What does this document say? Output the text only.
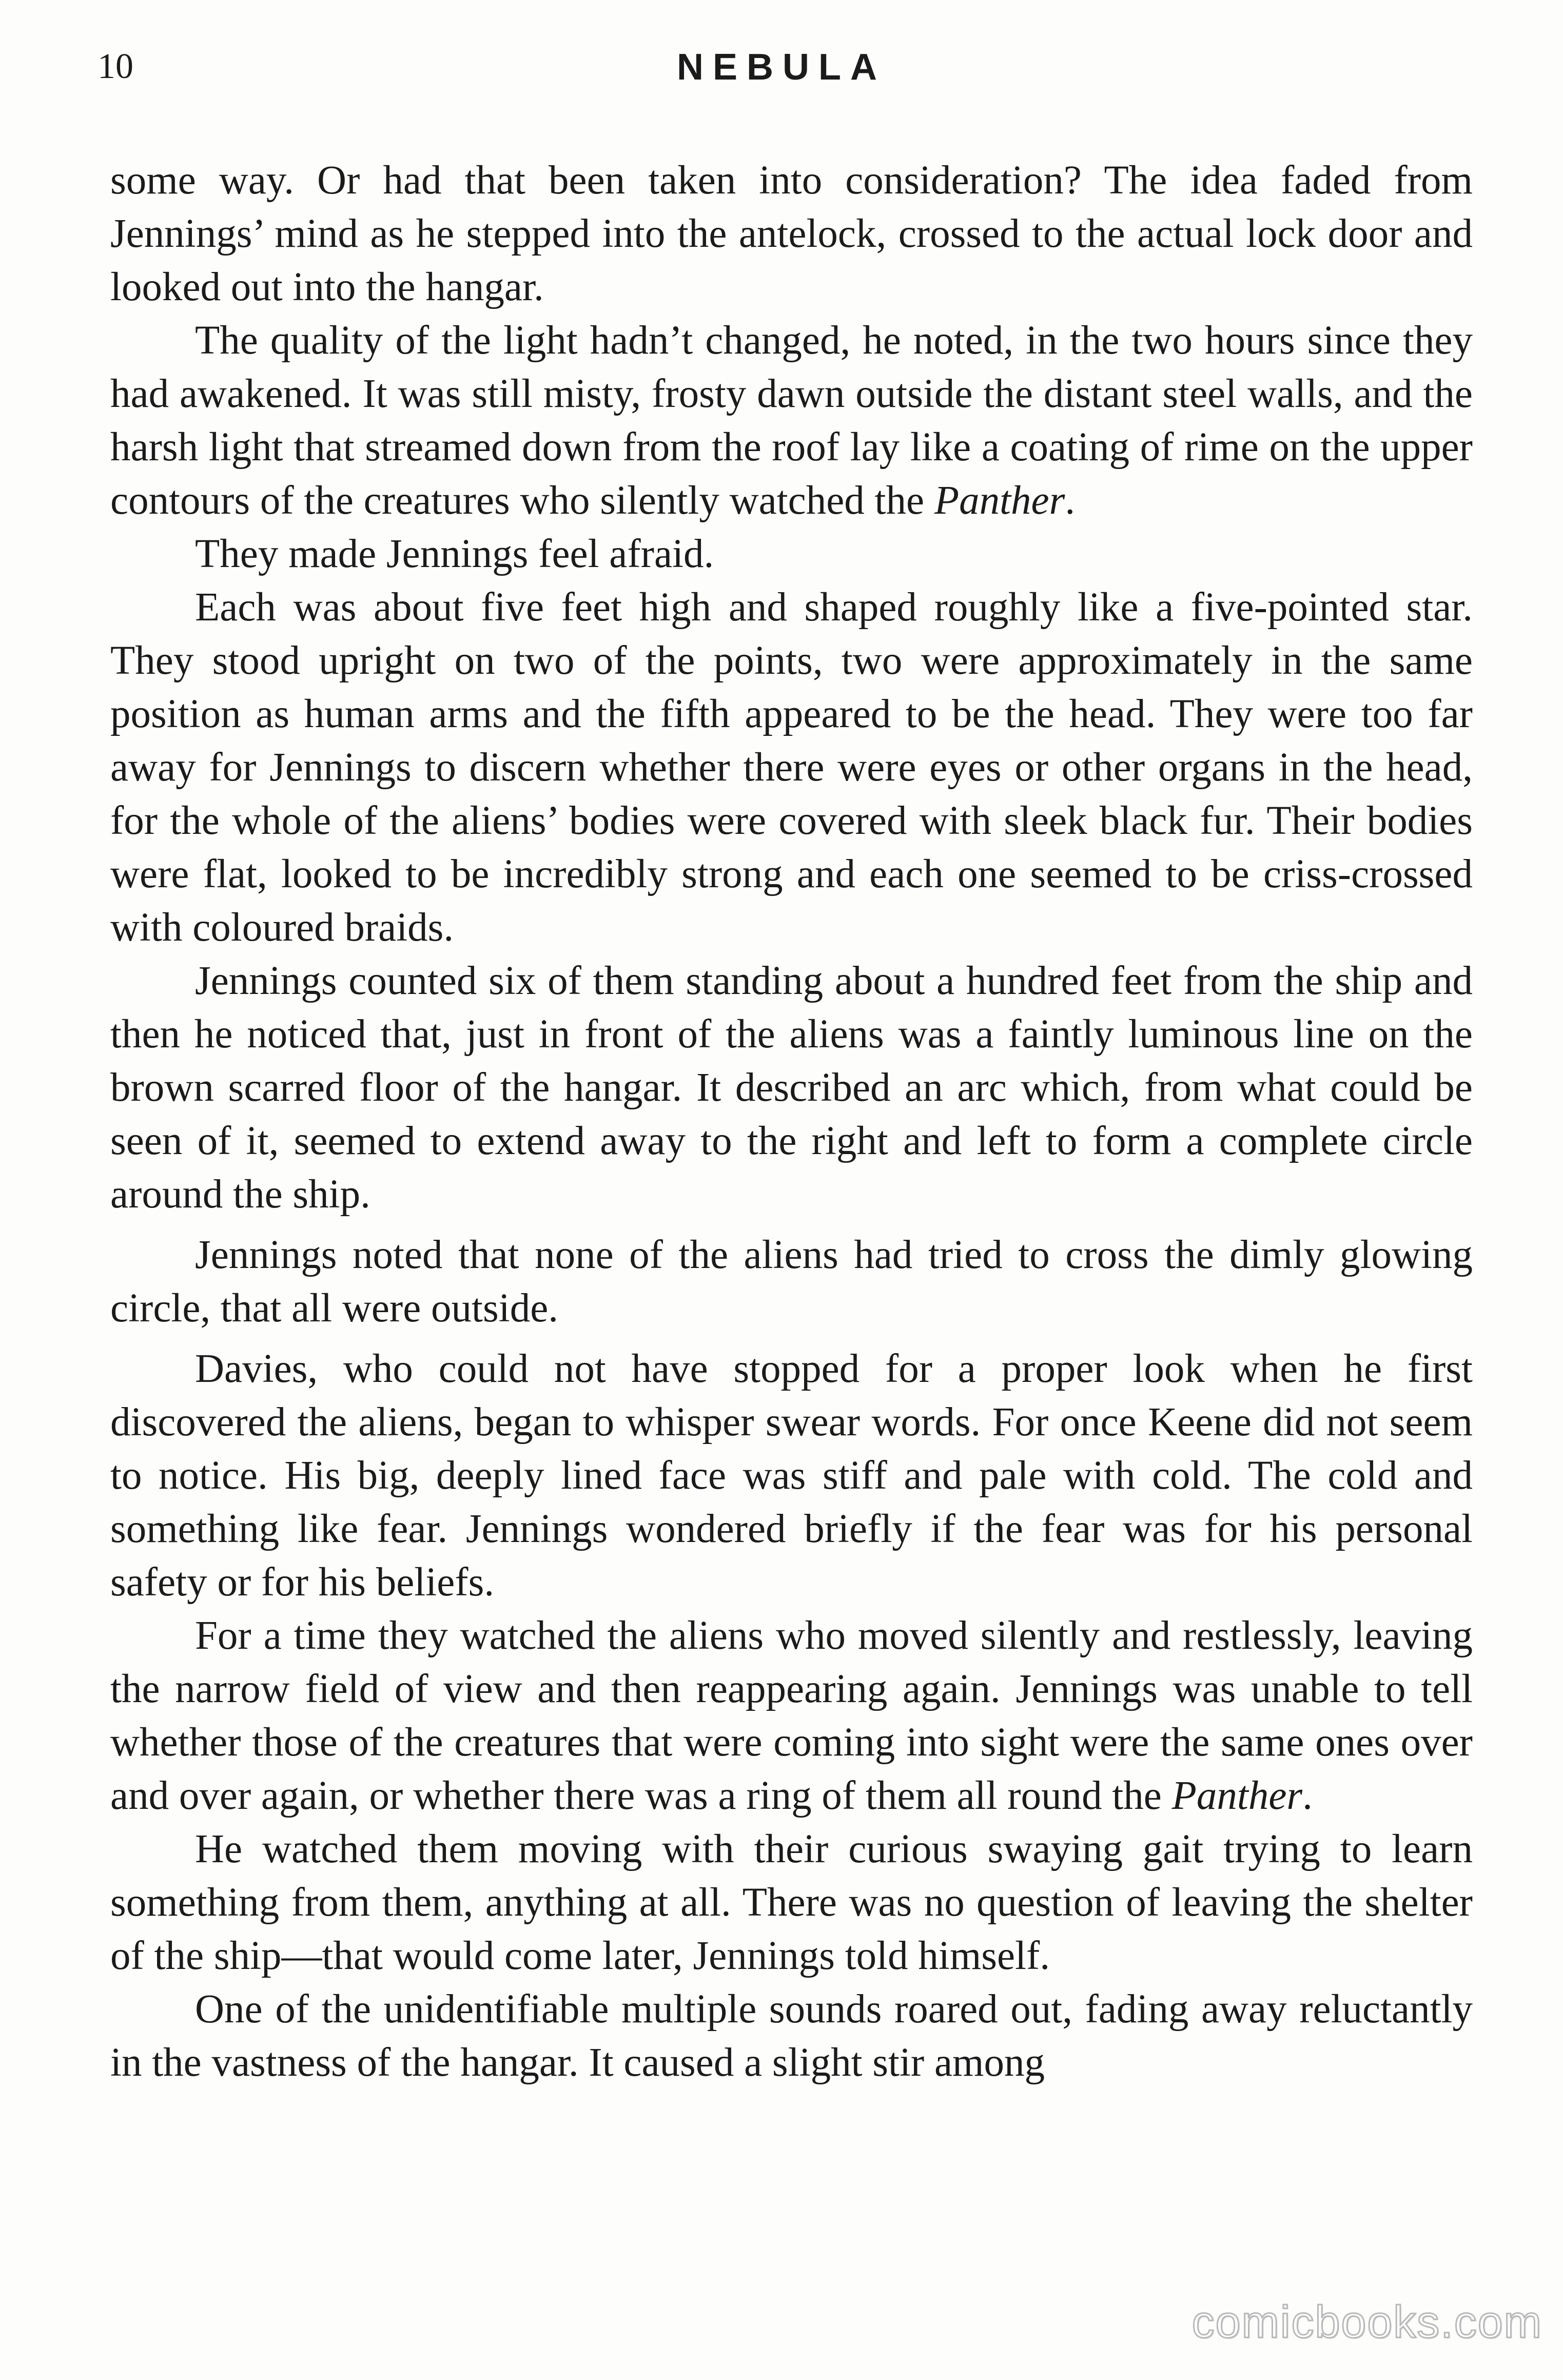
10	NEBULA

some way. Or had that been taken into consideration? The idea faded from Jennings’ mind as he stepped into the antelock, crossed to the actual lock door and looked out into the hangar.

The quality of the light hadn’t changed, he noted, in the two hours since they had awakened. It was still misty, frosty dawn outside the distant steel walls, and the harsh light that streamed down from the roof lay like a coating of rime on the upper contours of the creatures who silently watched the Panther.

They made Jennings feel afraid.

Each was about five feet high and shaped roughly like a five-pointed star. They stood upright on two of the points, two were approximately in the same position as human arms and the fifth appeared to be the head. They were too far away for Jennings to discern whether there were eyes or other organs in the head, for the whole of the aliens’ bodies were covered with sleek black fur. Their bodies were flat, looked to be incredibly strong and each one seemed to be criss-crossed with coloured braids.

Jennings counted six of them standing about a hundred feet from the ship and then he noticed that, just in front of the aliens was a faintly luminous line on the brown scarred floor of the hangar. It described an arc which, from what could be seen of it, seemed to extend away to the right and left to form a complete circle around the ship.

Jennings noted that none of the aliens had tried to cross the dimly glowing circle, that all were outside.

Davies, who could not have stopped for a proper look when he first discovered the aliens, began to whisper swear words. For once Keene did not seem to notice. His big, deeply lined face was stiff and pale with cold. The cold and something like fear. Jennings wondered briefly if the fear was for his personal safety or for his beliefs.

For a time they watched the aliens who moved silently and restlessly, leaving the narrow field of view and then reappearing again. Jennings was unable to tell whether those of the creatures that were coming into sight were the same ones over and over again, or whether there was a ring of them all round the Panther.

He watched them moving with their curious swaying gait trying to learn something from them, anything at all. There was no question of leaving the shelter of the ship—that would come later, Jennings told himself.

One of the unidentifiable multiple sounds roared out, fading away reluctantly in the vastness of the hangar. It caused a slight stir among

comicbooks.com
